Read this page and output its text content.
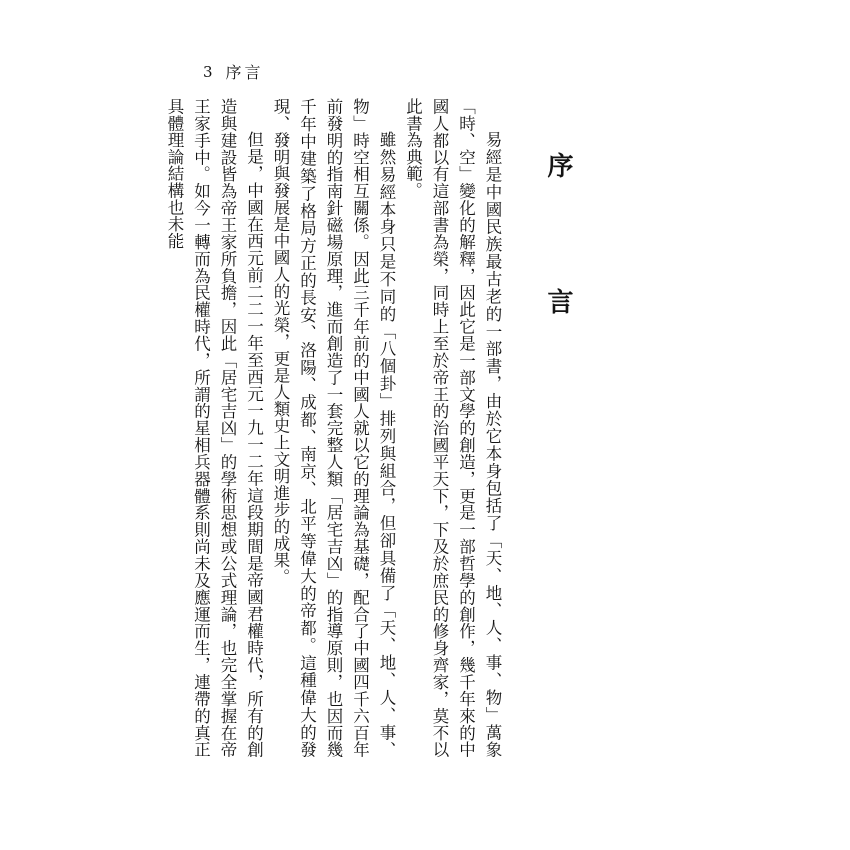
3 序言
序　言

易經是中國民族最古老的一部書，由於它本身包括了「天、地、人、事、物」萬象「時、空」變化的解釋，因此它是一部文學的創造，更是一部哲學的創作，幾千年來的中國人都以有這部書為榮，同時上至於帝王的治國平天下，下及於庶民的修身齊家，莫不以此書為典範。

雖然易經本身只是不同的「八個卦」排列與組合，但卻具備了「天、地、人、事、物」時空相互關係。因此三千年前的中國人就以它的理論為基礎，配合了中國四千六百年前發明的指南針磁場原理，進而創造了一套完整人類「居宅吉凶」的指導原則，也因而幾千年中建築了格局方正的長安、洛陽、成都、南京、北平等偉大的帝都。這種偉大的發現、發明與發展是中國人的光榮，更是人類史上文明進步的成果。

但是，中國在西元前二二一年至西元一九一二年這段期間是帝國君權時代，所有的創造與建設皆為帝王家所負擔，因此「居宅吉凶」的學術思想或公式理論，也完全掌握在帝王家手中。如今一轉而為民權時代，所謂的星相兵器體系則尚未及應運而生，連帶的真正具體理論結構也未能
